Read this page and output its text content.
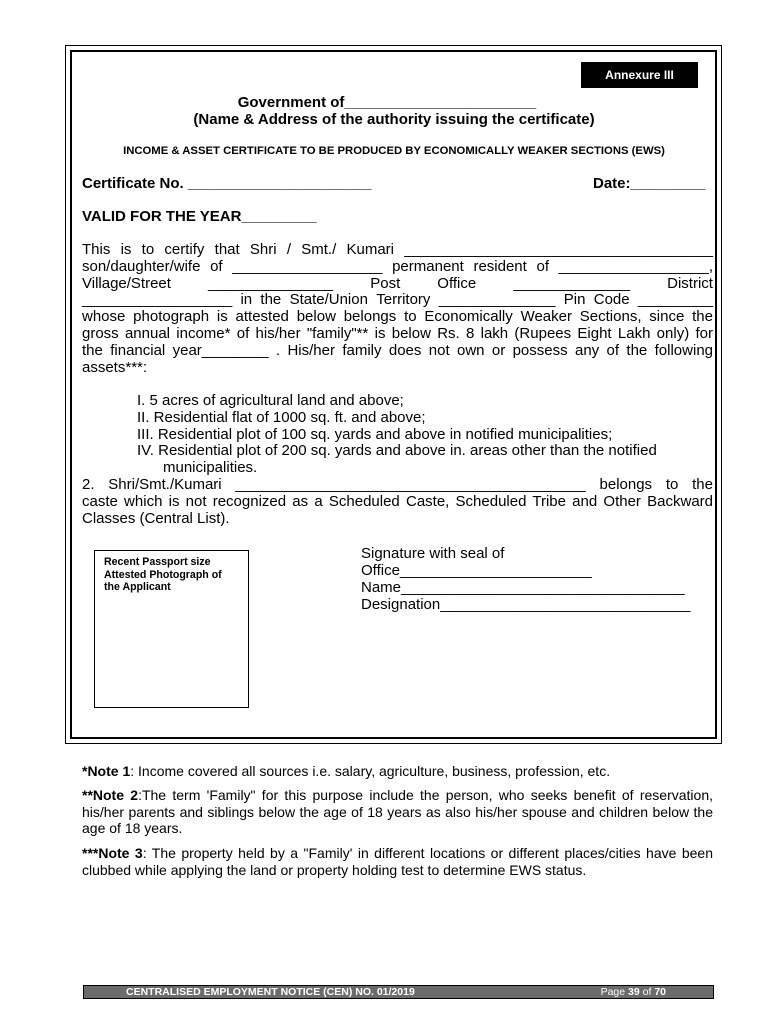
Annexure III
Government of_______________________
(Name & Address of the authority issuing the certificate)
INCOME & ASSET CERTIFICATE TO BE PRODUCED BY ECONOMICALLY WEAKER SECTIONS (EWS)
Certificate No. ______________________	Date:_________
VALID FOR THE YEAR_________
This is to certify that Shri / Smt./ Kumari _____________________________________
son/daughter/wife of __________________ permanent resident of __________________,
Village/Street _______________ Post Office ______________ District
__________________ in the State/Union Territory ______________ Pin Code _________
whose photograph is attested below belongs to Economically Weaker Sections, since the
gross annual income* of his/her "family"** is below Rs. 8 lakh (Rupees Eight Lakh only) for
the financial year________ . His/her family does not own or possess any of the following
assets***:
I. 5 acres of agricultural land and above;
II. Residential flat of 1000 sq. ft. and above;
III. Residential plot of 100 sq. yards and above in notified municipalities;
IV. Residential plot of 200 sq. yards and above in. areas other than the notified
municipalities.
2. Shri/Smt./Kumari __________________________________________ belongs to the
caste which is not recognized as a Scheduled Caste, Scheduled Tribe and Other Backward
Classes (Central List).
Recent Passport size Attested Photograph of the Applicant
Signature with seal of
Office_______________________
Name__________________________________
Designation______________________________
*Note 1: Income covered all sources i.e. salary, agriculture, business, profession, etc.
**Note 2:The term 'Family" for this purpose include the person, who seeks benefit of reservation, his/her parents and siblings below the age of 18 years as also his/her spouse and children below the age of 18 years.
***Note 3: The property held by a "Family' in different locations or different places/cities have been clubbed while applying the land or property holding test to determine EWS status.
CENTRALISED EMPLOYMENT NOTICE (CEN) NO. 01/2019	Page 39 of 70
